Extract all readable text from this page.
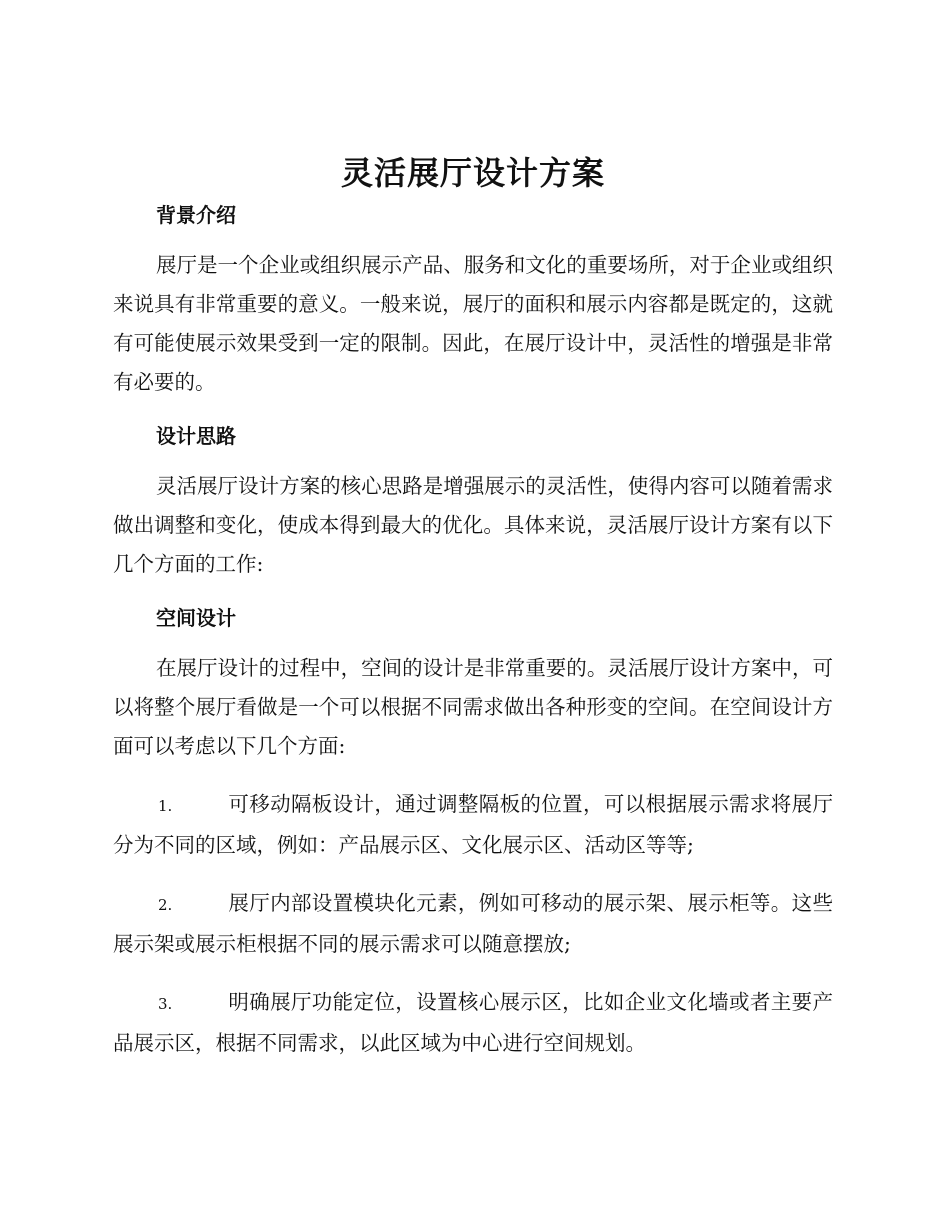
灵活展厅设计方案
背景介绍

展厅是一个企业或组织展示产品、服务和文化的重要场所，对于企业或组织来说具有非常重要的意义。一般来说，展厅的面积和展示内容都是既定的，这就有可能使展示效果受到一定的限制。因此，在展厅设计中，灵活性的增强是非常有必要的。

设计思路

灵活展厅设计方案的核心思路是增强展示的灵活性，使得内容可以随着需求做出调整和变化，使成本得到最大的优化。具体来说，灵活展厅设计方案有以下几个方面的工作:

空间设计

在展厅设计的过程中，空间的设计是非常重要的。灵活展厅设计方案中，可以将整个展厅看做是一个可以根据不同需求做出各种形变的空间。在空间设计方面可以考虑以下几个方面:

1.	可移动隔板设计，通过调整隔板的位置，可以根据展示需求将展厅分为不同的区域，例如：产品展示区、文化展示区、活动区等等;

2.	展厅内部设置模块化元素，例如可移动的展示架、展示柜等。这些展示架或展示柜根据不同的展示需求可以随意摆放;

3.	明确展厅功能定位，设置核心展示区，比如企业文化墙或者主要产品展示区，根据不同需求，以此区域为中心进行空间规划。
